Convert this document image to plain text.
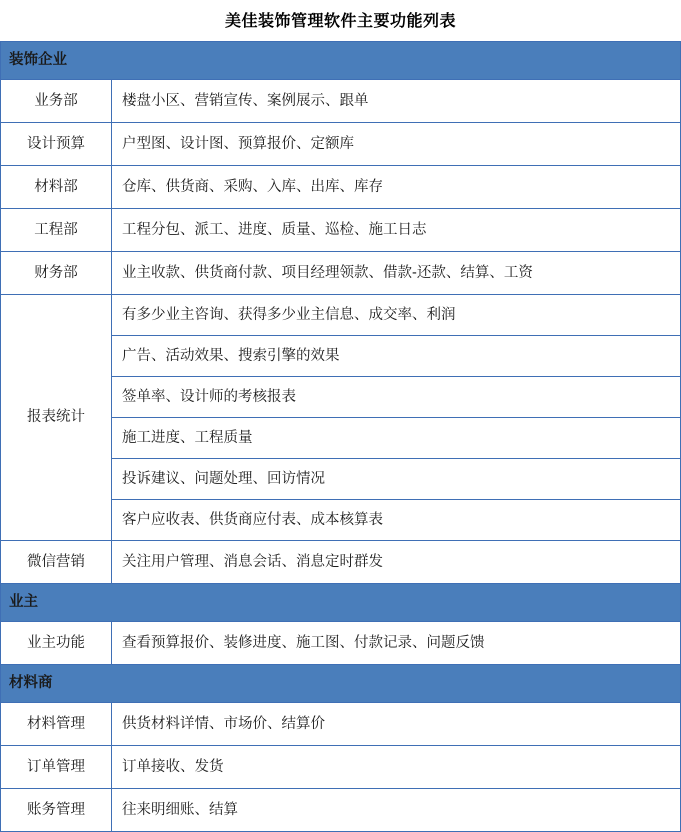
美佳装饰管理软件主要功能列表
装饰企业	
业务部	楼盘小区、营销宣传、案例展示、跟单
设计预算	户型图、设计图、预算报价、定额库
材料部	仓库、供货商、采购、入库、出库、库存
工程部	工程分包、派工、进度、质量、巡检、施工日志
财务部	业主收款、供货商付款、项目经理领款、借款-还款、结算、工资
报表统计	有多少业主咨询、获得多少业主信息、成交率、利润
	广告、活动效果、搜索引擎的效果
	签单率、设计师的考核报表
	施工进度、工程质量
	投诉建议、问题处理、回访情况
	客户应收表、供货商应付表、成本核算表
微信营销	关注用户管理、消息会话、消息定时群发
业主	
业主功能	查看预算报价、装修进度、施工图、付款记录、问题反馈
材料商	
材料管理	供货材料详情、市场价、结算价
订单管理	订单接收、发货
账务管理	往来明细账、结算
